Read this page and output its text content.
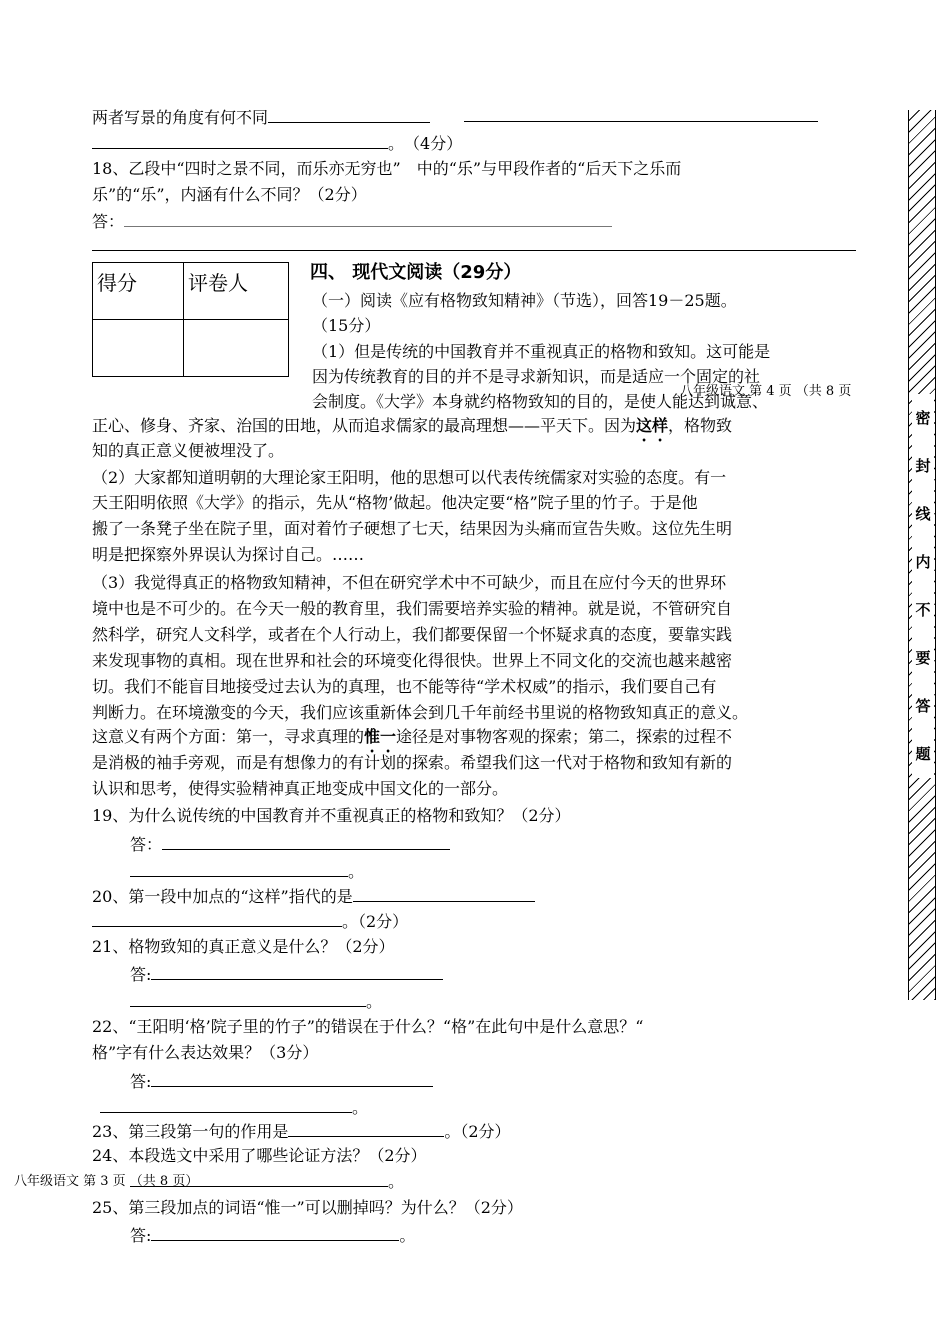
密
封
线
内
不
要
答
题
两者写景的角度有何不同
。　（4分）
18、乙段中“四时之景不同，而乐亦无穷也”　中的“乐”与甲段作者的“后天下之乐而
乐”的“乐”，内涵有什么不同？（2分）
答：
得分	评卷人
		四、 现代文阅读（29分）
（一）阅读《应有格物致知精神》（节选），回答19－25题。
（15分）
（1）但是传统的中国教育并不重视真正的格物和致知。这可能是
因为传统教育的目的并不是寻求新知识，而是适应一个固定的社
八年级语文 第 4 页 （共 8 页
会制度。《大学》本身就约格物致知的目的，是使人能达到诚意、
正心、修身、齐家、治国的田地，从而追求儒家的最高理想——平天下。因为这样，格物致
知的真正意义便被埋没了。
（2）大家都知道明朝的大理论家王阳明，他的思想可以代表传统儒家对实验的态度。有一
天王阳明依照《大学》的指示，先从“格物’做起。他决定要“格”院子里的竹子。于是他
搬了一条凳子坐在院子里，面对着竹子硬想了七天，结果因为头痛而宣告失败。这位先生明
明是把探察外界误认为探讨自己。……
（3）我觉得真正的格物致知精神，不但在研究学术中不可缺少，而且在应付今天的世界环
境中也是不可少的。在今天一般的教育里，我们需要培养实验的精神。就是说，不管研究自
然科学，研究人文科学，或者在个人行动上，我们都要保留一个怀疑求真的态度，要靠实践
来发现事物的真相。现在世界和社会的环境变化得很快。世界上不同文化的交流也越来越密
切。我们不能盲目地接受过去认为的真理，也不能等待“学术权威”的指示，我们要自己有
判断力。在环境激变的今天，我们应该重新体会到几千年前经书里说的格物致知真正的意义。
这意义有两个方面：第一，寻求真理的惟一途径是对事物客观的探索；第二，探索的过程不
是消极的袖手旁观，而是有想像力的有计划的探索。希望我们这一代对于格物和致知有新的
认识和思考，使得实验精神真正地变成中国文化的一部分。
19、为什么说传统的中国教育并不重视真正的格物和致知？（2分）
答：
。
20、第一段中加点的“这样”指代的是
。（2分）
21、格物致知的真正意义是什么？（2分）
答:
。
22、“王阳明‘格’院子里的竹子”的错误在于什么？“格”在此句中是什么意思？“
格”字有什么表达效果？（3分）
答:
。
23、第三段第一句的作用是	。（2分）
24、本段选文中采用了哪些论证方法？（2分）
八年级语文 第 3 页 （共 8 页）	。
25、第三段加点的词语“惟一”可以删掉吗？为什么？（2分）
答:	。
